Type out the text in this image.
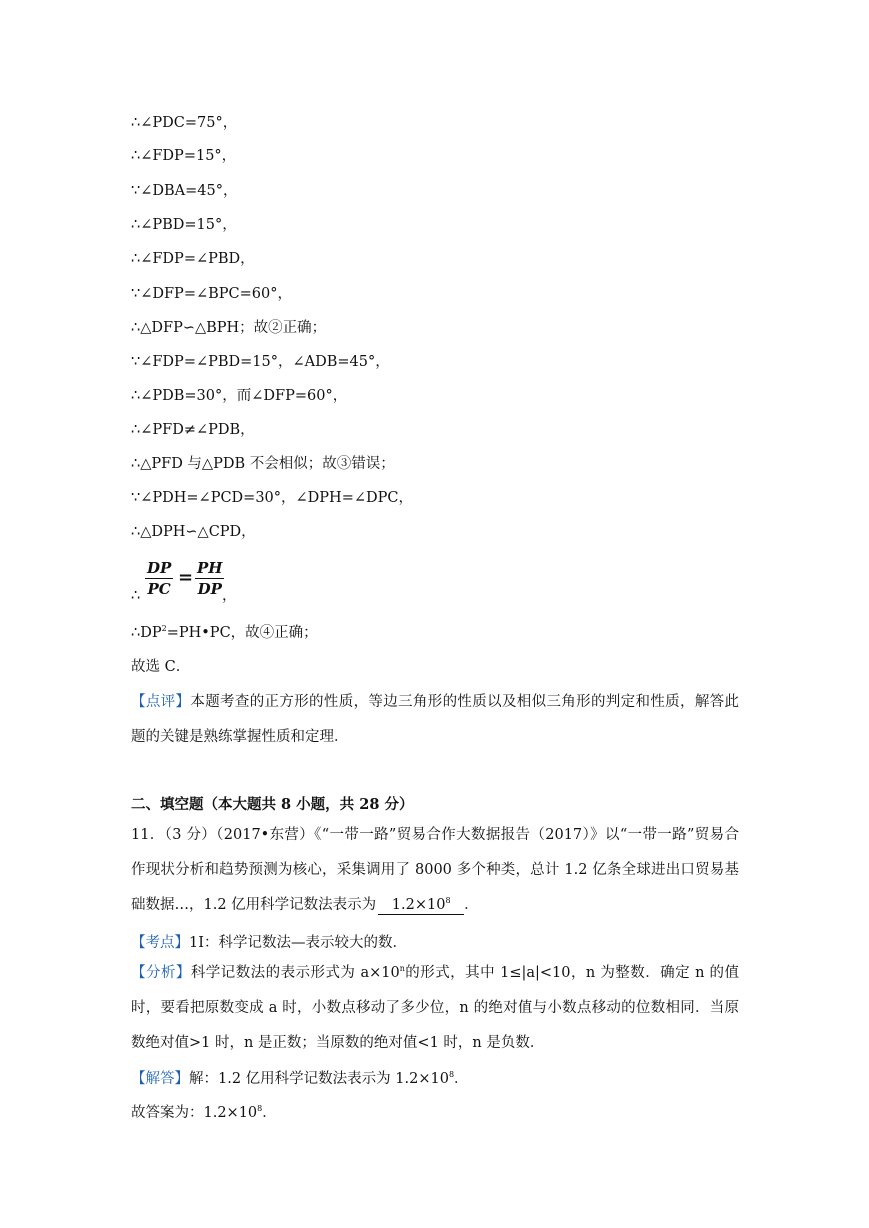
∴∠PDC=75°，
∴∠FDP=15°，
∵∠DBA=45°，
∴∠PBD=15°，
∴∠FDP=∠PBD，
∵∠DFP=∠BPC=60°，
∴△DFP∽△BPH；故②正确；
∵∠FDP=∠PBD=15°，∠ADB=45°，
∴∠PDB=30°，而∠DFP=60°，
∴∠PFD≠∠PDB，
∴△PFD 与△PDB 不会相似；故③错误；
∵∠PDH=∠PCD=30°，∠DPH=∠DPC，
∴△DPH∽△CPD，
∴
DP
PC
= PH
DP ，
$\therefore DP^2=PH•PC$，故④正确；
故选 C．
【点评】本题考查的正方形的性质，等边三角形的性质以及相似三角形的判定和性质，解答此题的关键是熟练掌握性质和定理．
二、填空题（本大题共 8 小题，共 28 分）
11．（3 分）（2017•东营）《“一带一路”贸易合作大数据报告（2017）》以“一带一路”贸易合作现状分析和趋势预测为核心，采集调用了 8000 多个种类，总计 1.2 亿条全球进出口贸易基础数据…，1.2 亿用科学记数法表示为 $1.2\times 10^8$ ．
【考点】1I：科学记数法—表示较大的数．
【分析】科学记数法的表示形式为 $a\times 10^n$的形式，其中 1≤|a|<10，n 为整数．确定 n 的值时，要看把原数变成 a 时，小数点移动了多少位，n 的绝对值与小数点移动的位数相同．当原数绝对值>1 时，n 是正数；当原数的绝对值<1 时，n 是负数．
【解答】解：1.2 亿用科学记数法表示为 $1.2\times 10^8$．
故答案为：$1.2\times 10^8$．
